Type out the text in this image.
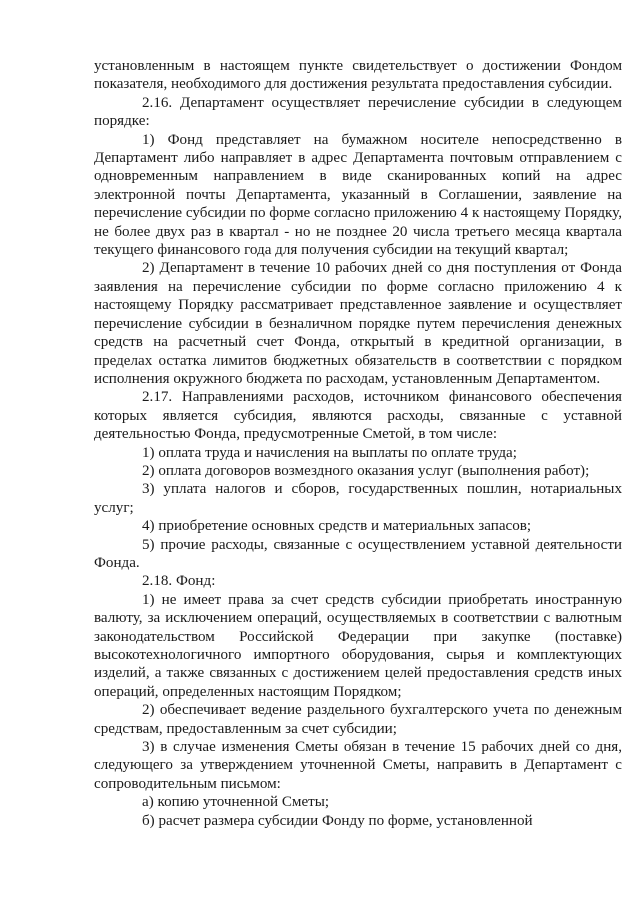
установленным в настоящем пункте свидетельствует о достижении Фондом показателя, необходимого для достижения результата предоставления субсидии.

2.16. Департамент осуществляет перечисление субсидии в следующем порядке:

1) Фонд представляет на бумажном носителе непосредственно в Департамент либо направляет в адрес Департамента почтовым отправлением с одновременным направлением в виде сканированных копий на адрес электронной почты Департамента, указанный в Соглашении, заявление на перечисление субсидии по форме согласно приложению 4 к настоящему Порядку, не более двух раз в квартал - но не позднее 20 числа третьего месяца квартала текущего финансового года для получения субсидии на текущий квартал;

2) Департамент в течение 10 рабочих дней со дня поступления от Фонда заявления на перечисление субсидии по форме согласно приложению 4 к настоящему Порядку рассматривает представленное заявление и осуществляет перечисление субсидии в безналичном порядке путем перечисления денежных средств на расчетный счет Фонда, открытый в кредитной организации, в пределах остатка лимитов бюджетных обязательств в соответствии с порядком исполнения окружного бюджета по расходам, установленным Департаментом.

2.17. Направлениями расходов, источником финансового обеспечения которых является субсидия, являются расходы, связанные с уставной деятельностью Фонда, предусмотренные Сметой, в том числе:

1) оплата труда и начисления на выплаты по оплате труда;

2) оплата договоров возмездного оказания услуг (выполнения работ);

3) уплата налогов и сборов, государственных пошлин, нотариальных услуг;

4) приобретение основных средств и материальных запасов;

5) прочие расходы, связанные с осуществлением уставной деятельности Фонда.

2.18. Фонд:

1) не имеет права за счет средств субсидии приобретать иностранную валюту, за исключением операций, осуществляемых в соответствии с валютным законодательством Российской Федерации при закупке (поставке) высокотехнологичного импортного оборудования, сырья и комплектующих изделий, а также связанных с достижением целей предоставления средств иных операций, определенных настоящим Порядком;

2) обеспечивает ведение раздельного бухгалтерского учета по денежным средствам, предоставленным за счет субсидии;

3) в случае изменения Сметы обязан в течение 15 рабочих дней со дня, следующего за утверждением уточненной Сметы, направить в Департамент с сопроводительным письмом:

а) копию уточненной Сметы;

б) расчет размера субсидии Фонду по форме, установленной
